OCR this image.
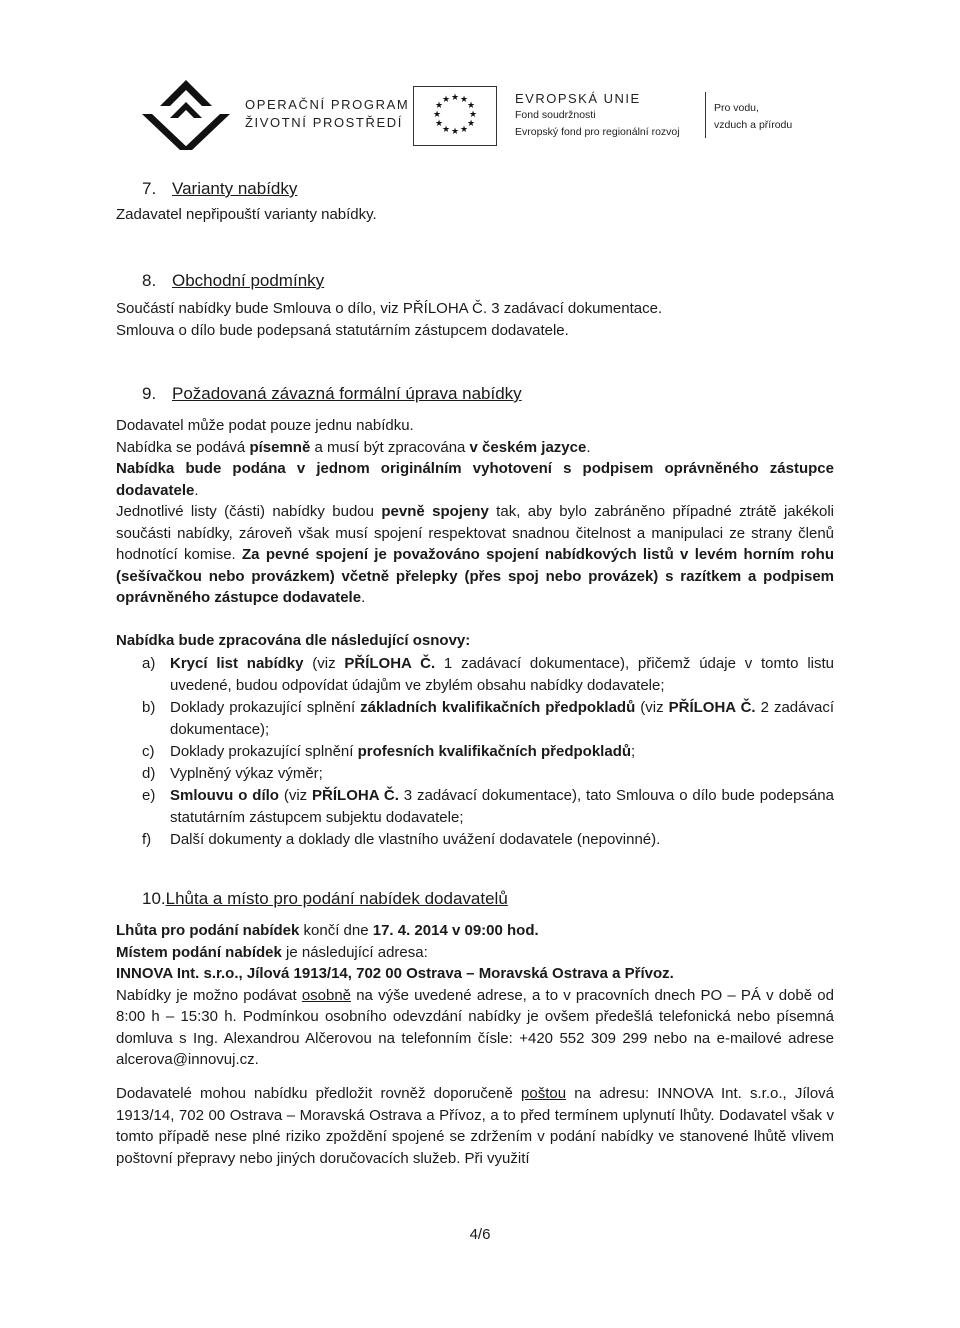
OPERAČNÍ PROGRAM
ŽIVOTNÍ PROSTŘEDÍ
★ ★
★
★
★
★
★
★
★
★
★
★	EVROPSKÁ UNIE
Fond soudržnosti
Evropský fond pro regionální rozvoj
Pro vodu,
vzduch a přírodu
7. Varianty nabídky

Zadavatel nepřipouští varianty nabídky.

8. Obchodní podmínky

Součástí nabídky bude Smlouva o dílo, viz PŘÍLOHA Č. 3 zadávací dokumentace.

Smlouva o dílo bude podepsaná statutárním zástupcem dodavatele.

9. Požadovaná závazná formální úprava nabídky

Dodavatel může podat pouze jednu nabídku.

Nabídka se podává písemně a musí být zpracována v českém jazyce.

Nabídka bude podána v jednom originálním vyhotovení s podpisem oprávněného zástupce dodavatele.

Jednotlivé listy (části) nabídky budou pevně spojeny tak, aby bylo zabráněno případné ztrátě jakékoli součásti nabídky, zároveň však musí spojení respektovat snadnou čitelnost a manipulaci ze strany členů hodnotící komise. Za pevné spojení je považováno spojení nabídkových listů v levém horním rohu (sešívačkou nebo provázkem) včetně přelepky (přes spoj nebo provázek) s razítkem a podpisem oprávněného zástupce dodavatele.

Nabídka bude zpracována dle následující osnovy:

a) Krycí list nabídky (viz PŘÍLOHA Č. 1 zadávací dokumentace), přičemž údaje v tomto listu uvedené, budou odpovídat údajům ve zbylém obsahu nabídky dodavatele;
b) Doklady prokazující splnění základních kvalifikačních předpokladů (viz PŘÍLOHA Č. 2 zadávací dokumentace);
c) Doklady prokazující splnění profesních kvalifikačních předpokladů;
d) Vyplněný výkaz výměr;
e) Smlouvu o dílo (viz PŘÍLOHA Č. 3 zadávací dokumentace), tato Smlouva o dílo bude podepsána statutárním zástupcem subjektu dodavatele;
f) Další dokumenty a doklady dle vlastního uvážení dodavatele (nepovinné).
10.Lhůta a místo pro podání nabídek dodavatelů

Lhůta pro podání nabídek končí dne 17. 4. 2014 v 09:00 hod.

Místem podání nabídek je následující adresa:

INNOVA Int. s.r.o., Jílová 1913/14, 702 00 Ostrava – Moravská Ostrava a Přívoz.

Nabídky je možno podávat osobně na výše uvedené adrese, a to v pracovních dnech PO – PÁ v době od 8:00 h – 15:30 h. Podmínkou osobního odevzdání nabídky je ovšem předešlá telefonická nebo písemná domluva s Ing. Alexandrou Alčerovou na telefonním čísle: +420 552 309 299 nebo na e-mailové adrese alcerova@innovuj.cz.

Dodavatelé mohou nabídku předložit rovněž doporučeně poštou na adresu: INNOVA Int. s.r.o., Jílová 1913/14, 702 00 Ostrava – Moravská Ostrava a Přívoz, a to před termínem uplynutí lhůty. Dodavatel však v tomto případě nese plné riziko zpoždění spojené se zdržením v podání nabídky ve stanovené lhůtě vlivem poštovní přepravy nebo jiných doručovacích služeb. Při využití

4/6
